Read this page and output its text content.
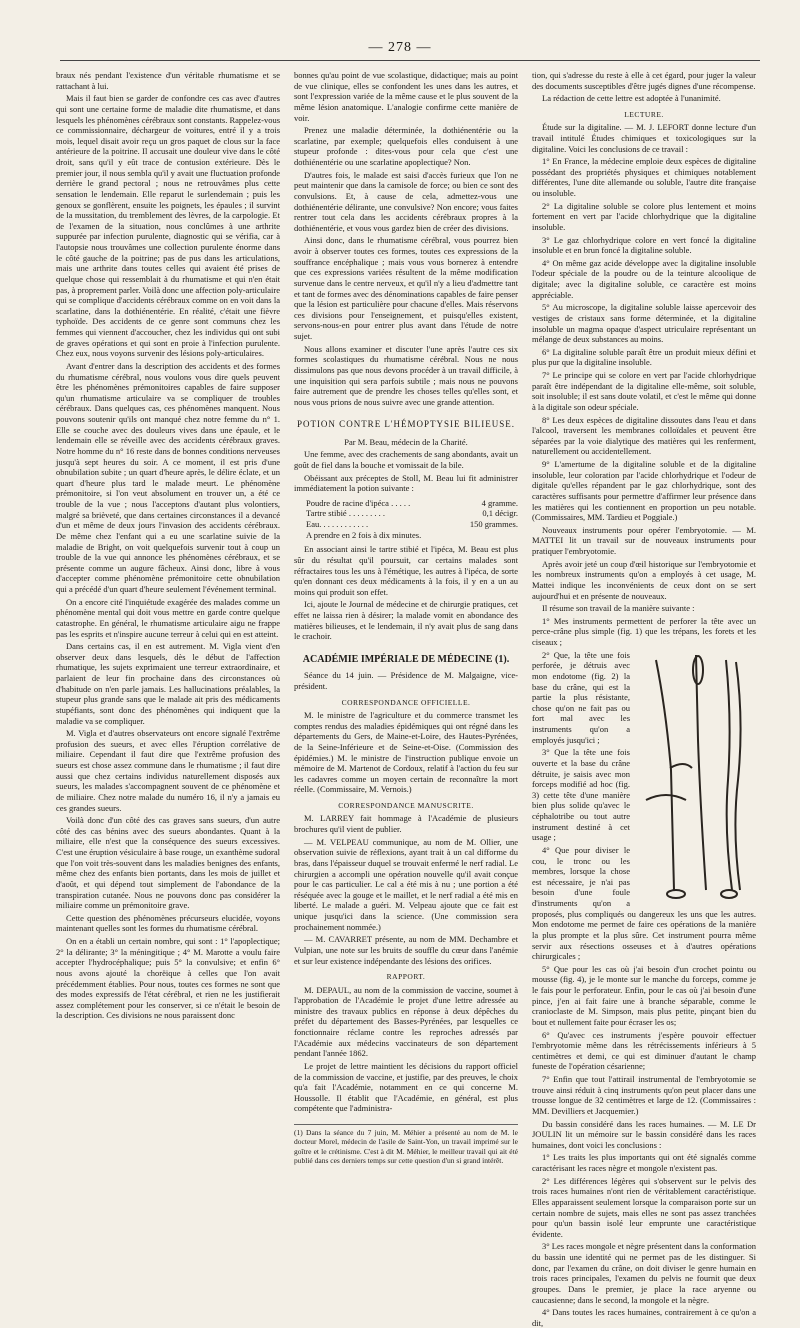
— 278 —

braux nés pendant l'existence d'un véritable rhumatisme et se rattachant à lui.

Mais il faut bien se garder de confondre ces cas avec d'autres qui sont une certaine forme de maladie dite rhumatisme, et dans lesquels les phénomènes cérébraux sont constants. Rappelez-vous ce commissionnaire, déchargeur de voitures, entré il y a trois mois, lequel disait avoir reçu un gros paquet de clous sur la face antérieure de la poitrine. Il accusait une douleur vive dans le côté droit, sans qu'il y eût trace de contusion extérieure. Dès le premier jour, il nous sembla qu'il y avait une fluctuation profonde derrière le grand pectoral ; nous ne retrouvâmes plus cette sensation le lendemain. Elle reparut le surlendemain ; puis les genoux se gonflèrent, ensuite les poignets, les épaules ; il survint de la mussitation, du tremblement des lèvres, de la carpologie. Et de l'examen de la situation, nous conclûmes à une arthrite suppurée par infection purulente, diagnostic qui se vérifia, car à l'autopsie nous trouvâmes une collection purulente énorme dans le côté gauche de la poitrine; pas de pus dans les articulations, mais une arthrite dans toutes celles qui avaient été prises de quelque chose qui ressemblait à du rhumatisme et qui n'en était pas, à proprement parler. Voilà donc une affection poly-articulaire qui se complique d'accidents cérébraux comme on en voit dans la scarlatine, dans la dothiénentérie. En réalité, c'était une fièvre typhoïde. Des accidents de ce genre sont communs chez les femmes qui viennent d'accoucher, chez les individus qui ont subi de graves opérations et qui sont en proie à l'infection purulente. Chez eux, nous voyons survenir des lésions poly-articulaires.

Avant d'entrer dans la description des accidents et des formes du rhumatisme cérébral, nous voulons vous dire quels peuvent être les phénomènes prémonitoires capables de faire supposer qu'un rhumatisme articulaire va se compliquer de troubles cérébraux. Dans quelques cas, ces phénomènes manquent. Nous pouvons soutenir qu'ils ont manqué chez notre femme du n° 1. Elle se couche avec des douleurs vives dans une épaule, et le lendemain elle se réveille avec des accidents cérébraux graves. Notre homme du n° 16 reste dans de bonnes conditions nerveuses jusqu'à sept heures du soir. A ce moment, il est pris d'une obnubilation subite ; un quart d'heure après, le délire éclate, et un quart d'heure plus tard le malade meurt. Le phénomène prémonitoire, si l'on veut absolument en trouver un, a été ce trouble de la vue ; nous l'acceptons d'autant plus volontiers, malgré sa brièveté, que dans certaines circonstances il a devancé d'un et même de deux jours l'invasion des accidents cérébraux. De même chez l'enfant qui a eu une scarlatine suivie de la maladie de Bright, on voit quelquefois survenir tout à coup un trouble de la vue qui annonce les phénomènes cérébraux, et se présente comme un augure fâcheux. Ainsi donc, libre à vous d'accepter comme phénomène prémonitoire cette obnubilation qui a précédé d'un quart d'heure seulement l'événement terminal.

On a encore cité l'inquiétude exagérée des malades comme un phénomène mental qui doit vous mettre en garde contre quelque catastrophe. En général, le rhumatisme articulaire aigu ne frappe pas les esprits et n'inspire aucune terreur à celui qui en est atteint.

Dans certains cas, il en est autrement. M. Vigla vient d'en observer deux dans lesquels, dès le début de l'affection rhumatique, les sujets exprimaient une terreur extraordinaire, et parlaient de leur fin prochaine dans des circonstances où d'habitude on n'en parle jamais. Les hallucinations préalables, la stupeur plus grande sans que le malade ait pris des médicaments stupéfiants, sont donc des phénomènes qui indiquent que la maladie va se compliquer.

M. Vigla et d'autres observateurs ont encore signalé l'extrême profusion des sueurs, et avec elles l'éruption corrélative de miliaire. Cependant il faut dire que l'extrême profusion des sueurs est chose assez commune dans le rhumatisme ; il faut dire aussi que chez certains individus naturellement disposés aux sueurs, les malades s'accompagnent souvent de ce phénomène et de miliaire. Chez notre malade du numéro 16, il n'y a jamais eu ces grandes sueurs.

Voilà donc d'un côté des cas graves sans sueurs, d'un autre côté des cas bénins avec des sueurs abondantes. Quant à la miliaire, elle n'est que la conséquence des sueurs excessives. C'est une éruption vésiculaire à base rouge, un exanthème sudoral que l'on voit très-souvent dans les maladies benignes des enfants, même chez des enfants bien portants, dans les mois de juillet et d'août, et qui dépend tout simplement de l'abondance de la transpiration cutanée. Nous ne pouvons donc pas considérer la miliaire comme un prémonitoire grave.

Cette question des phénomènes précurseurs elucidée, voyons maintenant quelles sont les formes du rhumatisme cérébral.

On en a établi un certain nombre, qui sont : 1° l'apoplectique; 2° la délirante; 3° la méningitique ; 4° M. Marotte a voulu faire accepter l'hydrocéphalique; puis 5° la convulsive; et enfin 6° nous avons ajouté la chorëique à celles que l'on avait précédemment établies. Pour nous, toutes ces formes ne sont que des modes expressifs de l'état cérébral, et rien ne les justifierait assez complétement pour les conserver, si ce n'était le besoin de la description. Ces divisions ne nous paraissent donc

bonnes qu'au point de vue scolastique, didactique; mais au point de vue clinique, elles se confondent les unes dans les autres, et sont l'expression variée de la même cause et le plus souvent de la même lésion anatomique. L'analogie confirme cette manière de voir.

Prenez une maladie déterminée, la dothiénentérie ou la scarlatine, par exemple; quelquefois elles conduisent à une stupeur profonde : dites-vous pour cela que c'est une dothiénentérie ou une scarlatine apoplectique? Non.

D'autres fois, le malade est saisi d'accès furieux que l'on ne peut maintenir que dans la camisole de force; ou bien ce sont des convulsions. Et, à cause de cela, admettez-vous une dothiénentérie délirante, une convulsive? Non encore; vous faites rentrer tout cela dans les accidents cérébraux propres à la dothiénentérie, et vous vous gardez bien de créer des divisions.

Ainsi donc, dans le rhumatisme cérébral, vous pourrez bien avoir à observer toutes ces formes, toutes ces expressions de la souffrance encéphalique ; mais vous vous bornerez à entendre que ces expressions variées résultent de la même modification survenue dans le centre nerveux, et qu'il n'y a lieu d'admettre tant et tant de formes avec des dénominations capables de faire penser que la lésion est particulière pour chacune d'elles. Mais réservons ces divisions pour l'enseignement, et puisqu'elles existent, servons-nous-en pour entrer plus avant dans l'étude de notre sujet.

Nous allons examiner et discuter l'une après l'autre ces six formes scolastiques du rhumatisme cérébral. Nous ne nous dissimulons pas que nous devons procéder à un travail difficile, à une inquisition qui sera parfois subtile ; mais nous ne pouvons faire autrement que de prendre les choses telles qu'elles sont, et nous vous prions de nous suivre avec une grande attention.

POTION CONTRE L'HÉMOPTYSIE BILIEUSE.

Par M. Beau, médecin de la Charité.

Une femme, avec des crachements de sang abondants, avait un goût de fiel dans la bouche et vomissait de la bile.

Obéissant aux préceptes de Stoll, M. Beau lui fit administrer immédiatement la potion suivante :

Poudre de racine d'ipéca . . . . .	4 gramme.
Tartre stibié . . . . . . . . .	0,1 décigr.
Eau. . . . . . . . . . . .	150 grammes.
A prendre en 2 fois à dix minutes.

En associant ainsi le tartre stibié et l'ipéca, M. Beau est plus sûr du résultat qu'il poursuit, car certains malades sont réfractaires tous les uns à l'émétique, les autres à l'ipéca, de sorte qu'en donnant ces deux médicaments à la fois, il y en a un au moins qui produit son effet.

Ici, ajoute le Journal de médecine et de chirurgie pratiques, cet effet ne laissa rien à désirer; la malade vomit en abondance des matières bilieuses, et le lendemain, il n'y avait plus de sang dans le crachoir.

ACADÉMIE IMPÉRIALE DE MÉDECINE (1).

Séance du 14 juin. — Présidence de M. Malgaigne, vice-président.

CORRESPONDANCE OFFICIELLE.

M. le ministre de l'agriculture et du commerce transmet les comptes rendus des maladies épidémiques qui ont régné dans les départements du Gers, de Maine-et-Loire, des Hautes-Pyrénées, de la Seine-Inférieure et de Seine-et-Oise. (Commission des épidémies.) M. le ministre de l'instruction publique envoie un mémoire de M. Martenot de Cordoux, relatif à l'action du feu sur les cadavres comme un moyen certain de reconnaître la mort réelle. (Commissaire, M. Vernois.)

CORRESPONDANCE MANUSCRITE.

M. LARREY fait hommage à l'Académie de plusieurs brochures qu'il vient de publier.

— M. VELPEAU communique, au nom de M. Ollier, une observation suivie de réflexions, ayant trait à un cal difforme du bras, dans l'épaisseur duquel se trouvait enfermé le nerf radial. Le chirurgien a accompli une opération nouvelle qu'il avait conçue pour le cas particulier. Le cal a été mis à nu ; une portion a été réséquée avec la gouge et le maillet, et le nerf radial a été mis en liberté. Le malade a guéri. M. Velpeau ajoute que ce fait est unique jusqu'ici dans la science. (Une commission sera prochainement nommée.)

— M. CAVARRET présente, au nom de MM. Dechambre et Vulpian, une note sur les bruits de souffle du cœur dans l'anémie et sur leur existence indépendante des lésions des orifices.

RAPPORT.

M. DEPAUL, au nom de la commission de vaccine, soumet à l'approbation de l'Académie le projet d'une lettre adressée au ministre des travaux publics en réponse à deux dépêches du préfet du département des Basses-Pyrénées, par lesquelles ce fonctionnaire réclame contre les reproches adressés par l'Académie aux médecins vaccinateurs de son département pendant l'année 1862.

Le projet de lettre maintient les décisions du rapport officiel de la commission de vaccine, et justifie, par des preuves, le choix qu'a fait l'Académie, notamment en ce qui concerne M. Houssolle. Il établit que l'Académie, en général, est plus compétente que l'administra-

(1) Dans la séance du 7 juin, M. Méhier a présenté au nom de M. le docteur Morel, médecin de l'asile de Saint-Yon, un travail imprimé sur le goître et le crétinisme. C'est à dit M. Méhier, le meilleur travail qui ait été publié dans ces derniers temps sur cette question d'un si grand intérêt.

tion, qui s'adresse du reste à elle à cet égard, pour juger la valeur des documents susceptibles d'être jugés dignes d'une récompense.

La rédaction de cette lettre est adoptée à l'unanimité.

LECTURE.

Étude sur la digitaline. — M. J. LEFORT donne lecture d'un travail intitulé Études chimiques et toxicologiques sur la digitaline. Voici les conclusions de ce travail :

1° En France, la médecine emploie deux espèces de digitaline possédant des propriétés physiques et chimiques notablement différentes, l'une dite allemande ou soluble, l'autre dite française ou insoluble.

2° La digitaline soluble se colore plus lentement et moins fortement en vert par l'acide chlorhydrique que la digitaline insoluble.

3° Le gaz chlorhydrique colore en vert foncé la digitaline insoluble et en brun foncé la digitaline soluble.

4° On même gaz acide développe avec la digitaline insoluble l'odeur spéciale de la poudre ou de la teinture alcoolique de digitale; avec la digitaline soluble, ce caractère est moins appréciable.

5° Au microscope, la digitaline soluble laisse apercevoir des vestiges de cristaux sans forme déterminée, et la digitaline insoluble un magma opaque d'aspect utriculaire représentant un mélange de deux substances au moins.

6° La digitaline soluble paraît être un produit mieux défini et plus pur que la digitaline insoluble.

7° Le principe qui se colore en vert par l'acide chlorhydrique paraît être indépendant de la digitaline elle-même, soit soluble, soit insoluble; il est sans doute volatil, et c'est le même qui donne à la digitale son odeur spéciale.

8° Les deux espèces de digitaline dissoutes dans l'eau et dans l'alcool, traversent les membranes colloïdales et peuvent être séparées par la voie dialytique des matières qui les renferment, naturellement ou accidentellement.

9° L'amertume de la digitaline soluble et de la digitaline insoluble, leur coloration par l'acide chlorhydrique et l'odeur de digitale qu'elles répandent par le gaz chlorhydrique, sont des caractères suffisants pour permettre d'affirmer leur présence dans les matières qui les contiennent en proportion un peu notable. (Commissaires, MM. Tardieu et Poggiale.)

Nouveaux instruments pour opérer l'embryotomie. — M. MATTEI lit un travail sur de nouveaux instruments pour pratiquer l'embryotomie.

Après avoir jeté un coup d'œil historique sur l'embryotomie et les nombreux instruments qu'on a employés à cet usage, M. Mattei indique les inconvénients de ceux dont on se sert aujourd'hui et en présente de nouveaux.

Il résume son travail de la manière suivante :

1° Mes instruments permettent de perforer la tête avec un perce-crâne plus simple (fig. 1) que les trépans, les forets et les ciseaux ;

2° Que, la tête une fois perforée, je détruis avec mon endotome (fig. 2) la base du crâne, qui est la partie la plus résistante, chose qu'on ne fait pas ou fort mal avec les instruments qu'on a employés jusqu'ici ;

3° Que la tête une fois ouverte et la base du crâne détruite, je saisis avec mon forceps modifié ad hoc (fig. 3) cette tête d'une manière bien plus solide qu'avec le céphalotribe ou tout autre instrument destiné à cet usage ;

4° Que pour diviser le cou, le tronc ou les membres, lorsque la chose est nécessaire, je n'ai pas besoin d'une foule d'instruments qu'on a proposés, plus compliqués ou dangereux les uns que les autres. Mon endotome me permet de faire ces opérations de la manière la plus prompte et la plus sûre. Cet instrument pourra même servir aux résections osseuses et à d'autres opérations chirurgicales ;

5° Que pour les cas où j'ai besoin d'un crochet pointu ou mousse (fig. 4), je le monte sur le manche du forceps, comme je le fais pour le perforateur. Enfin, pour le cas où j'ai besoin d'une pince, j'en ai fait faire une à branche séparable, comme le cranioclaste de M. Simpson, mais plus petite, pinçant bien du bout et nullement faite pour écraser les os;

6° Qu'avec ces instruments j'espère pouvoir effectuer l'embryotomie même dans les rétrécissements inférieurs à 5 centimètres et demi, ce qui est diminuer d'autant le champ funeste de l'opération césarienne;

7° Enfin que tout l'attirail instrumental de l'embryotomie se trouve ainsi réduit à cinq instruments qu'on peut placer dans une trousse longue de 32 centimètres et large de 12. (Commissaires : MM. Devilliers et Jacquemier.)

Du bassin considéré dans les races humaines. — M. LE Dr JOULIN lit un mémoire sur le bassin considéré dans les races humaines, dont voici les conclusions :

1° Les traits les plus importants qui ont été signalés comme caractérisant les races nègre et mongole n'existent pas.

2° Les différences légères qui s'observent sur le pelvis des trois races humaines n'ont rien de véritablement caractéristique. Elles apparaissent seulement lorsque la comparaison porte sur un certain nombre de sujets, mais elles ne sont pas assez tranchées pour qu'un bassin isolé leur emprunte une caractéristique évidente.

3° Les races mongole et nègre présentent dans la conformation du bassin une identité qui ne permet pas de les distinguer. Si donc, par l'examen du crâne, on doit diviser le genre humain en trois races principales, l'examen du pelvis ne fournit que deux groupes. Dans le premier, je place la race aryenne ou caucasienne; dans le second, la mongole et la nègre.

4° Dans toutes les races humaines, contrairement à ce qu'on a dit,
